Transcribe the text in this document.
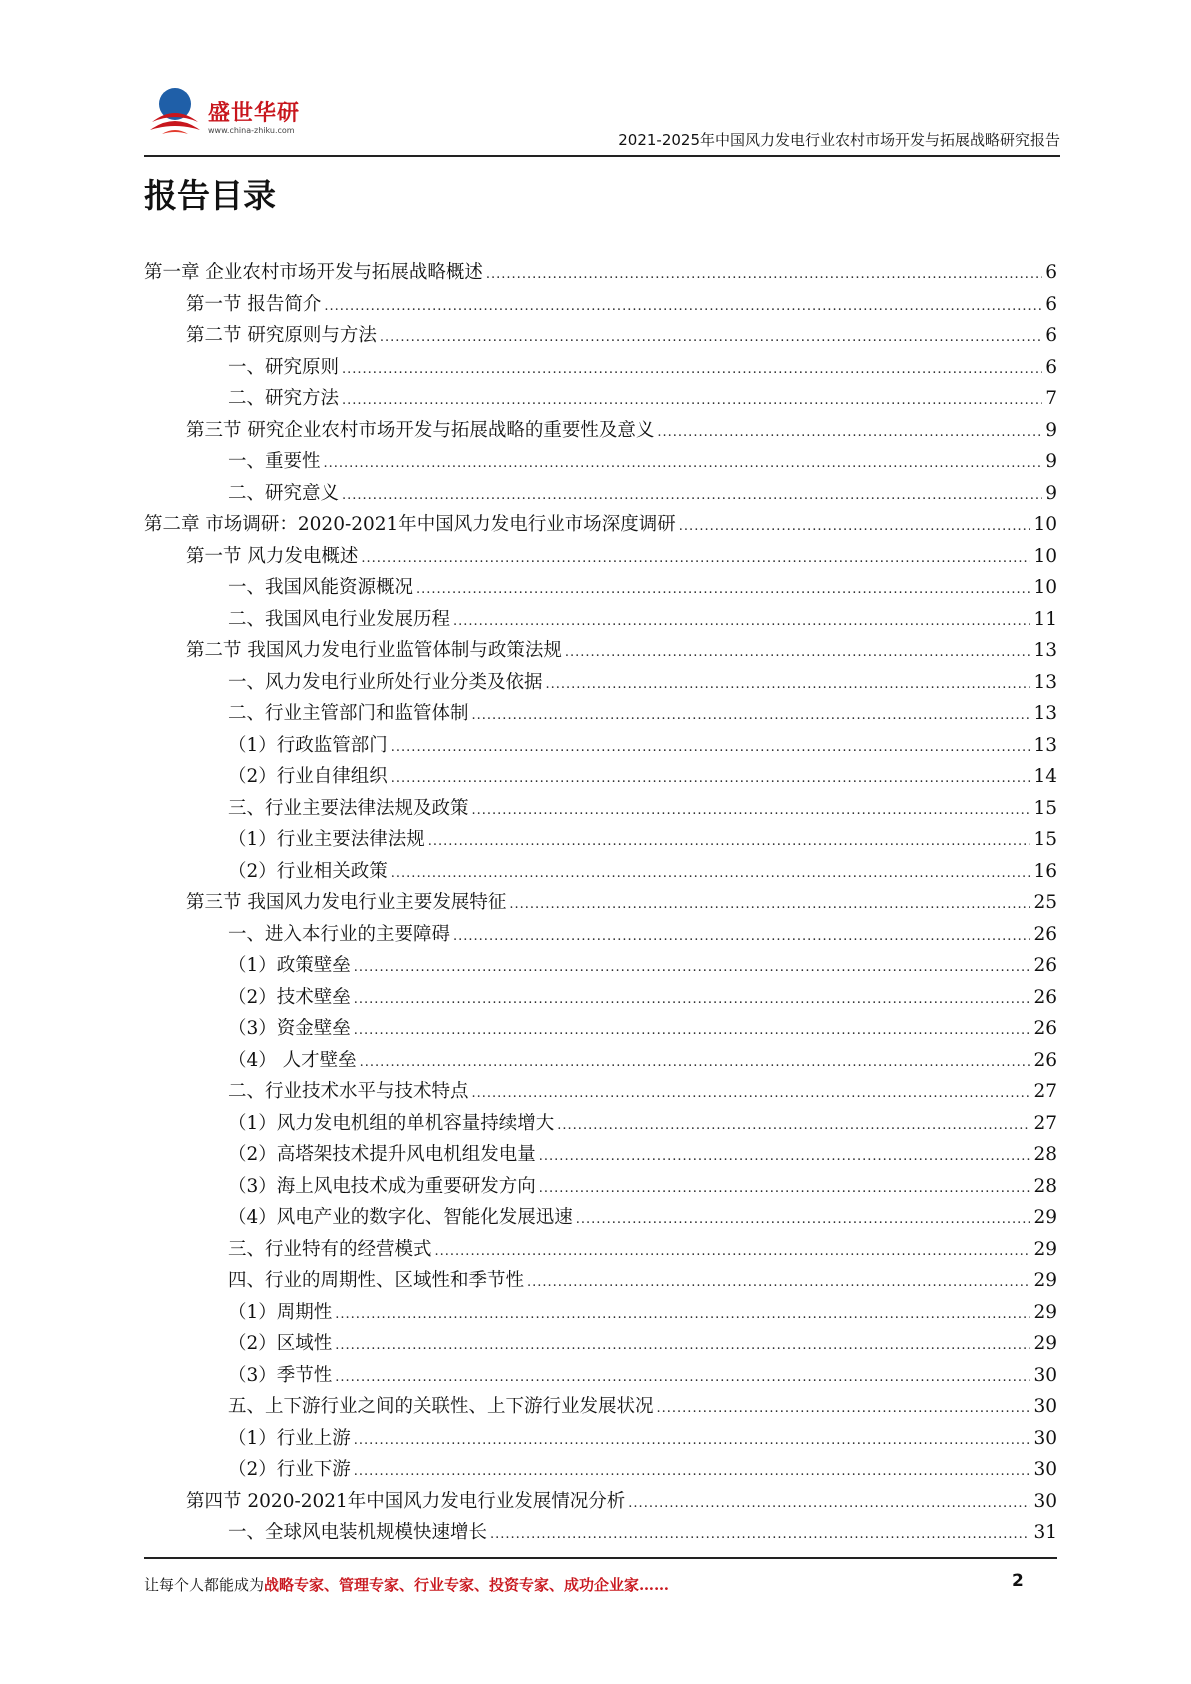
盛世华研
www.china-zhiku.com
2021-2025年中国风力发电行业农村市场开发与拓展战略研究报告
报告目录
第一章 企业农村市场开发与拓展战略概述 .....	6
第一节 报告简介 .....	6
第二节 研究原则与方法 .....	6
一、研究原则 .....	6
二、研究方法 .....	7
第三节 研究企业农村市场开发与拓展战略的重要性及意义 .....	9
一、重要性 .....	9
二、研究意义 .....	9
第二章 市场调研：2020-2021年中国风力发电行业市场深度调研 .....	10
第一节 风力发电概述 .....	10
一、我国风能资源概况 .....	10
二、我国风电行业发展历程 .....	11
第二节 我国风力发电行业监管体制与政策法规 .....	13
一、风力发电行业所处行业分类及依据 .....	13
二、行业主管部门和监管体制 .....	13
（1）行政监管部门 .....	13
（2）行业自律组织 .....	14
三、行业主要法律法规及政策 .....	15
（1）行业主要法律法规 .....	15
（2）行业相关政策 .....	16
第三节 我国风力发电行业主要发展特征 .....	25
一、进入本行业的主要障碍 .....	26
（1）政策壁垒 .....	26
（2）技术壁垒 .....	26
（3）资金壁垒 .....	26
（4） 人才壁垒 .....	26
二、行业技术水平与技术特点 .....	27
（1）风力发电机组的单机容量持续增大 .....	27
（2）高塔架技术提升风电机组发电量 .....	28
（3）海上风电技术成为重要研发方向 .....	28
（4）风电产业的数字化、智能化发展迅速 .....	29
三、行业特有的经营模式 .....	29
四、行业的周期性、区域性和季节性 .....	29
（1）周期性 .....	29
（2）区域性 .....	29
（3）季节性 .....	30
五、上下游行业之间的关联性、上下游行业发展状况 .....	30
（1）行业上游 .....	30
（2）行业下游 .....	30
第四节 2020-2021年中国风力发电行业发展情况分析 .....	30
一、全球风电装机规模快速增长 .....	31
让每个人都能成为战略专家、管理专家、行业专家、投资专家、成功企业家……	2
